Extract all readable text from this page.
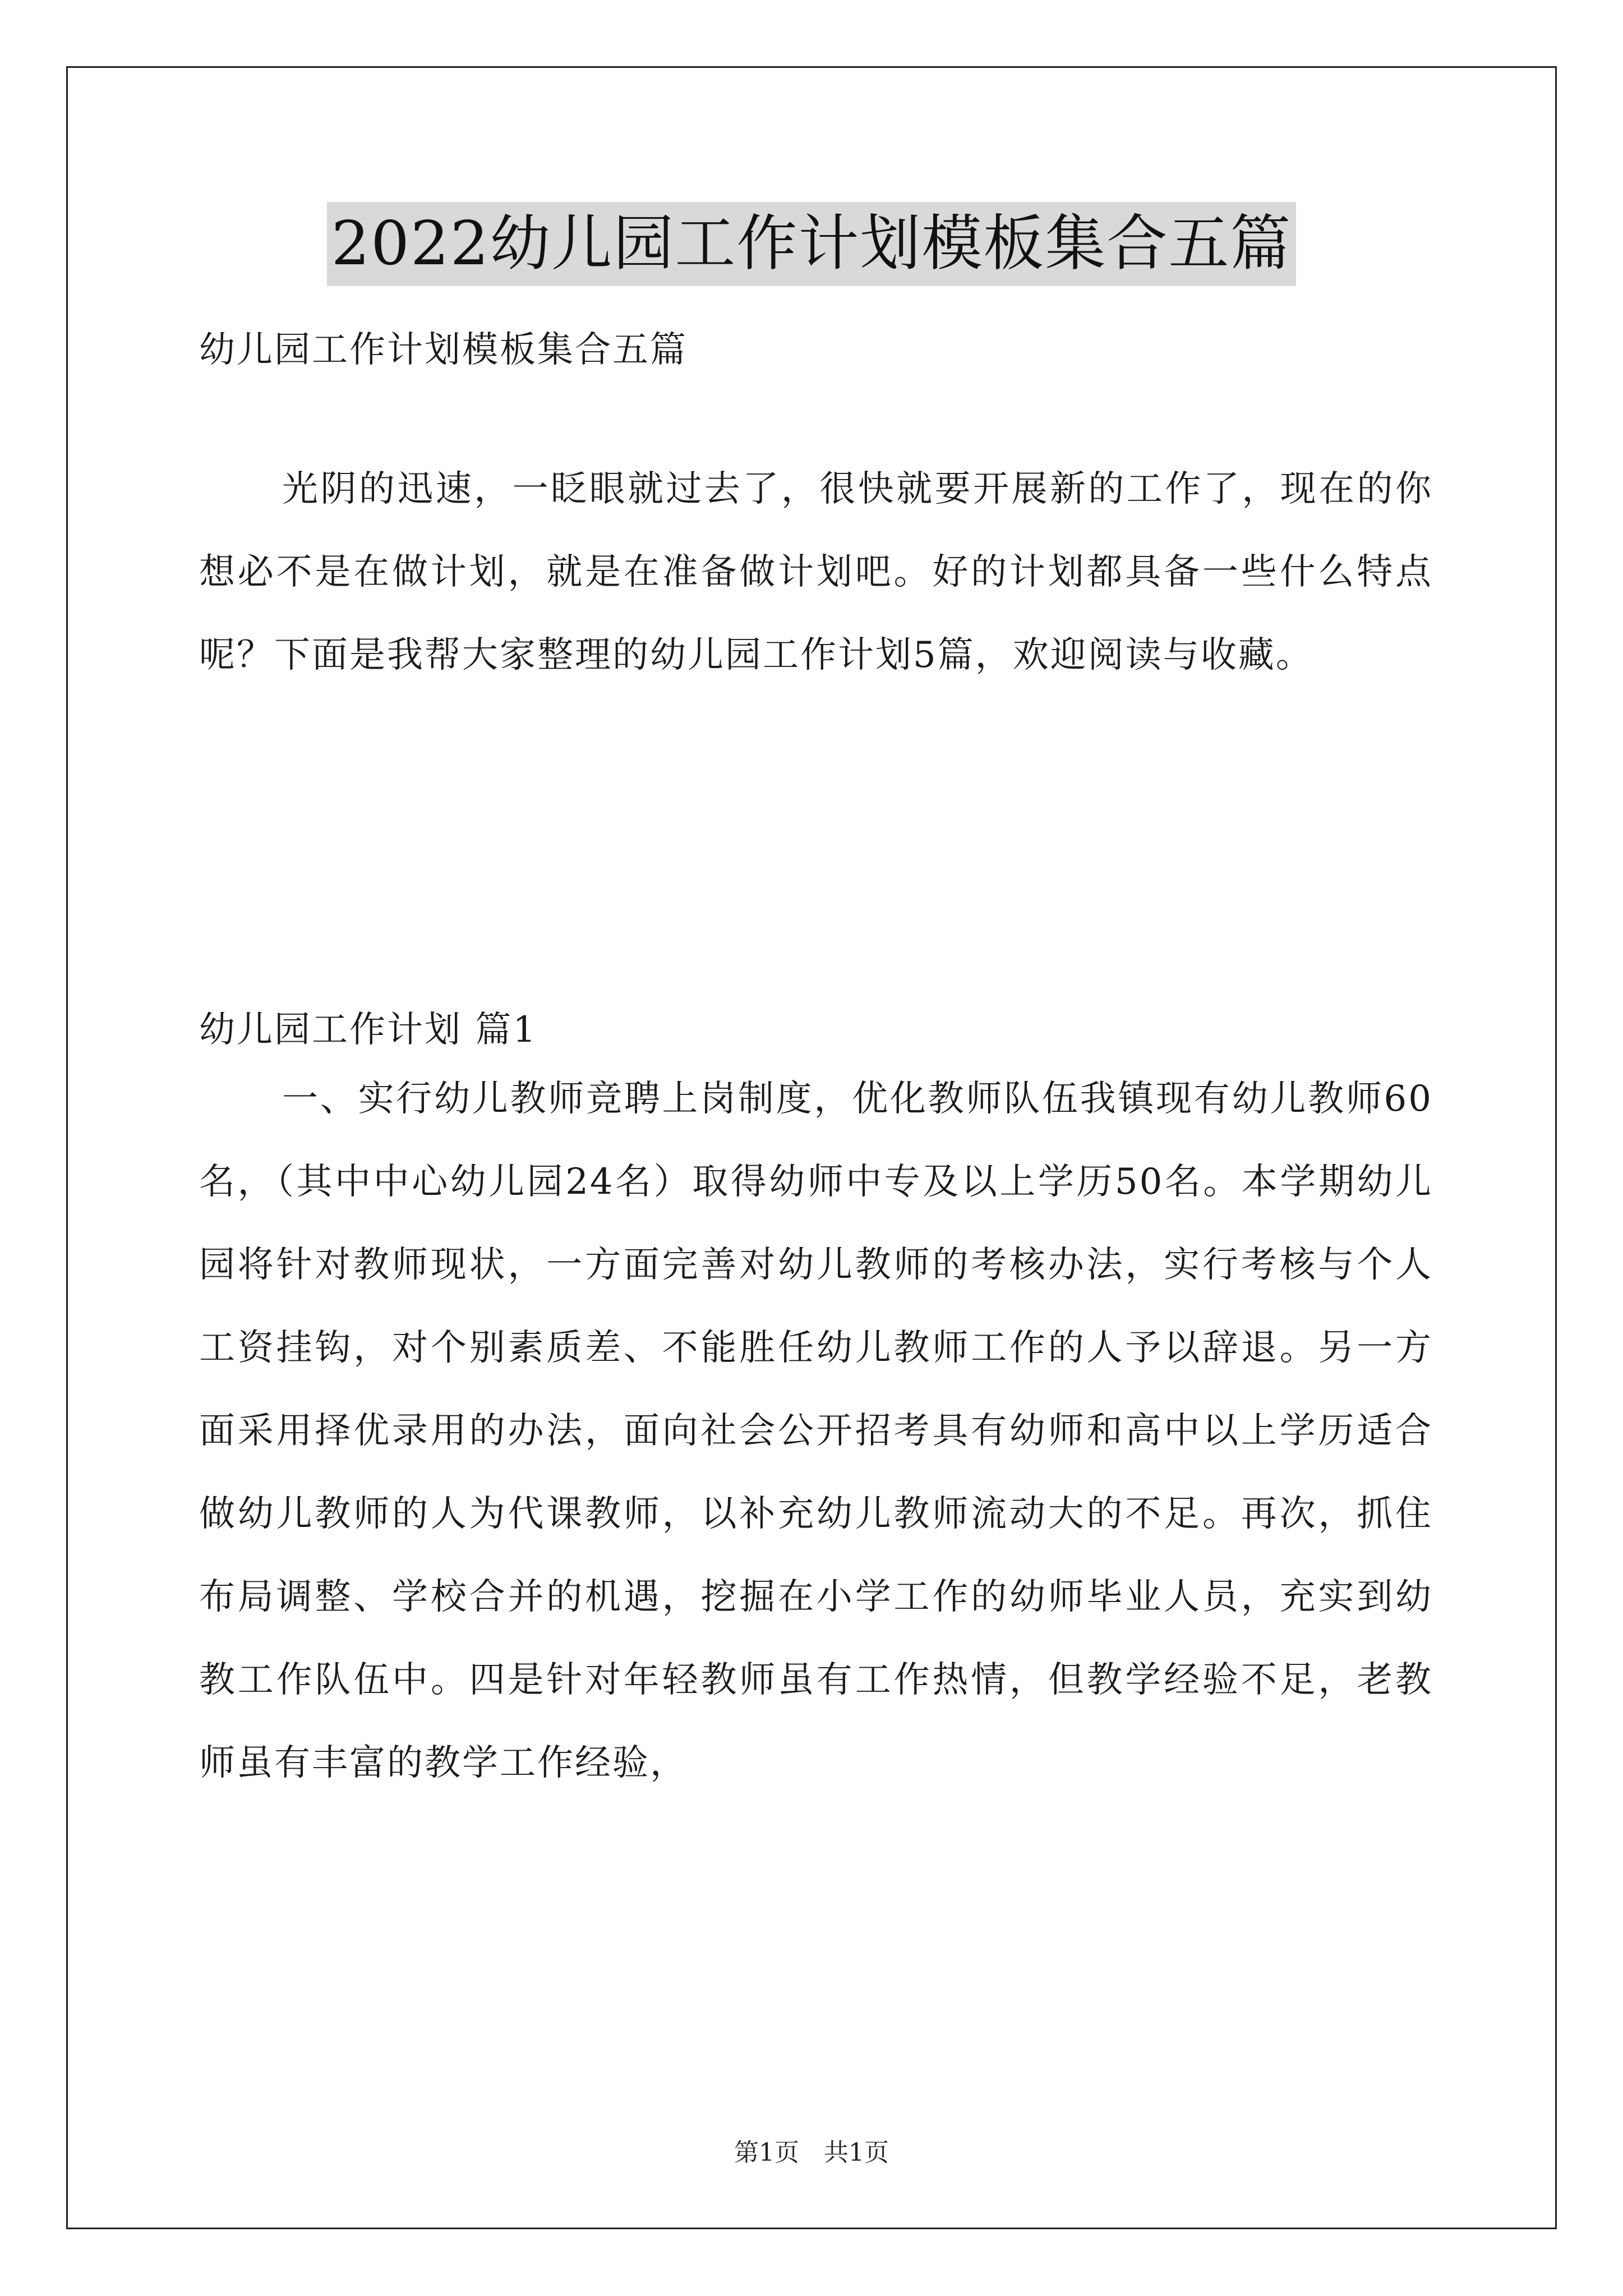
2022幼儿园工作计划模板集合五篇

幼儿园工作计划模板集合五篇

光阴的迅速，一眨眼就过去了，很快就要开展新的工作了，现在的你想必不是在做计划，就是在准备做计划吧。好的计划都具备一些什么特点呢？下面是我帮大家整理的幼儿园工作计划5篇，欢迎阅读与收藏。

幼儿园工作计划 篇1

一、实行幼儿教师竞聘上岗制度，优化教师队伍我镇现有幼儿教师60名，（其中中心幼儿园24名）取得幼师中专及以上学历50名。本学期幼儿园将针对教师现状，一方面完善对幼儿教师的考核办法，实行考核与个人工资挂钩，对个别素质差、不能胜任幼儿教师工作的人予以辞退。另一方面采用择优录用的办法，面向社会公开招考具有幼师和高中以上学历适合做幼儿教师的人为代课教师，以补充幼儿教师流动大的不足。再次，抓住布局调整、学校合并的机遇，挖掘在小学工作的幼师毕业人员，充实到幼教工作队伍中。四是针对年轻教师虽有工作热情，但教学经验不足，老教师虽有丰富的教学工作经验，

第1页　共1页
